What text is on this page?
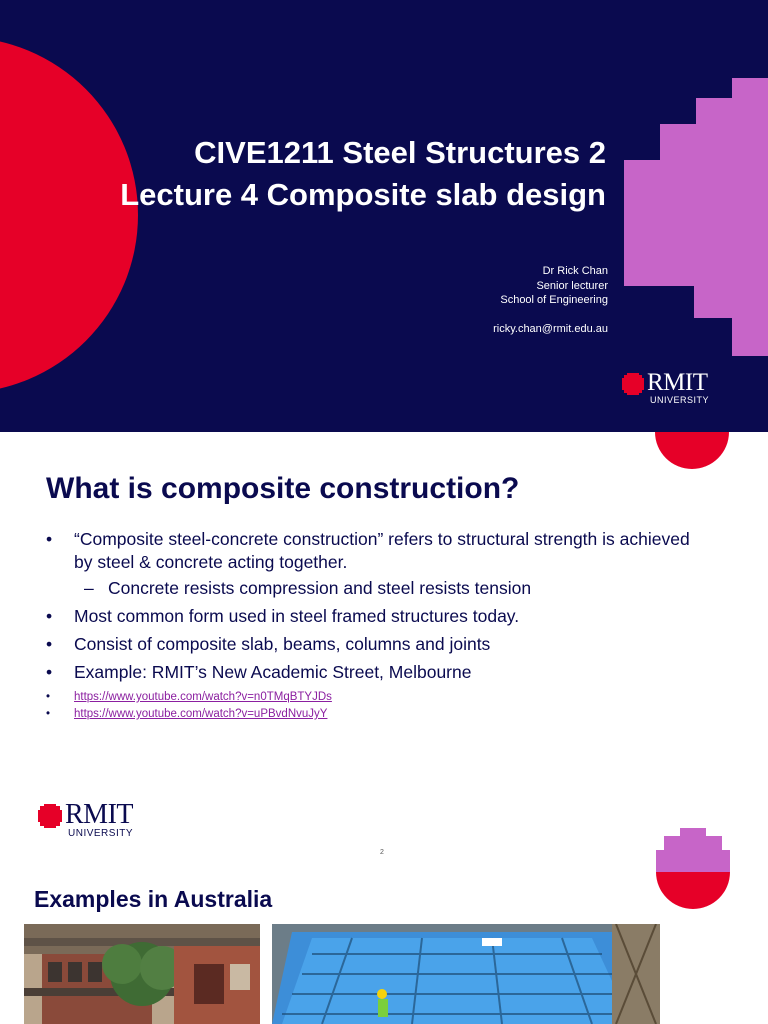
CIVE1211 Steel Structures 2
Lecture 4 Composite slab design
Dr Rick Chan
Senior lecturer
School of Engineering
ricky.chan@rmit.edu.au
RMIT
UNIVERSITY
What is composite construction?
• “Composite steel-concrete construction” refers to structural strength is achieved by steel & concrete acting together.
– Concrete resists compression and steel resists tension
• Most common form used in steel framed structures today.
• Consist of composite slab, beams, columns and joints
• Example: RMIT’s New Academic Street, Melbourne
• https://www.youtube.com/watch?v=n0TMqBTYJDs
• https://www.youtube.com/watch?v=uPBvdNvuJyY
RMIT
UNIVERSITY
2
Examples in Australia
